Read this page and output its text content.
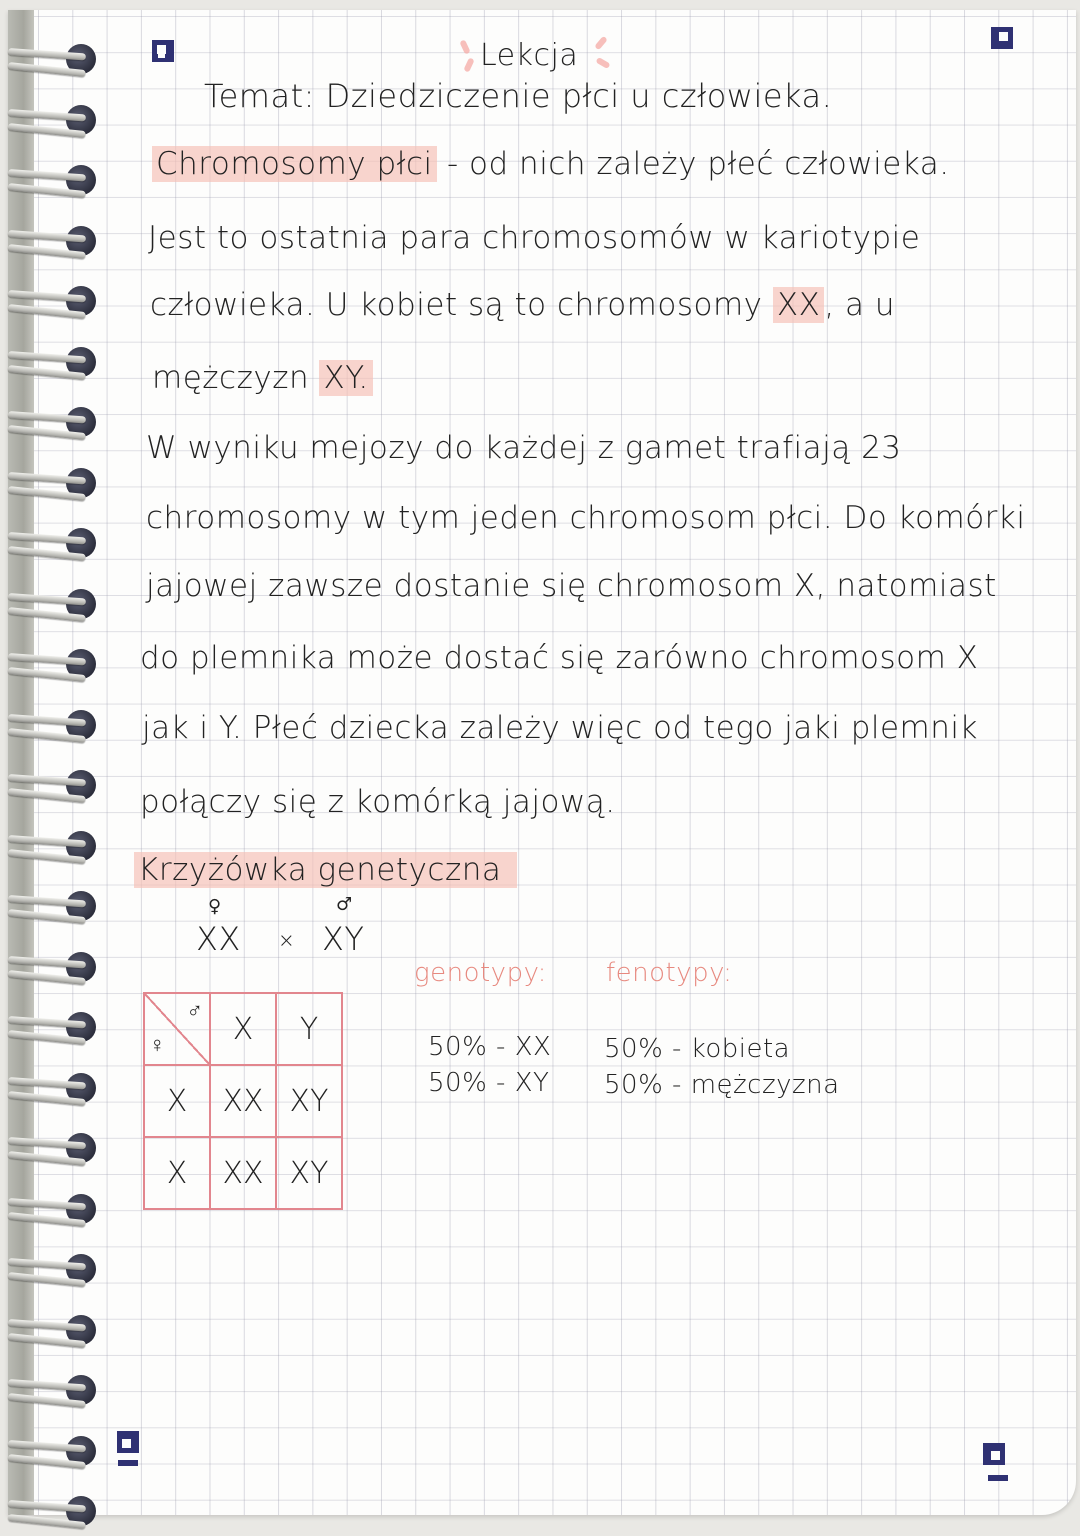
Lekcja
Temat: Dziedziczenie płci u człowieka.
Chromosomy płci - od nich zależy płeć człowieka.
Jest to ostatnia para chromosomów w kariotypie
człowieka. U kobiet są to chromosomy XX , a u
mężczyzn XY.
W wyniku mejozy do każdej z gamet trafiają 23
chromosomy w tym jeden chromosom płci. Do komórki
jajowej zawsze dostanie się chromosom X, natomiast
do plemnika może dostać się zarówno chromosom X
jak i Y. Płeć dziecka zależy więc od tego jaki plemnik
połączy się z komórką jajową.
Krzyżówka genetyczna
XX
♀
× XY
♂
♀
♂	X	Y
X	XX	XY
X	XX	XY
genotypy:
50% - XX
50% - XY
fenotypy:
50% - kobieta
50% - mężczyzna
